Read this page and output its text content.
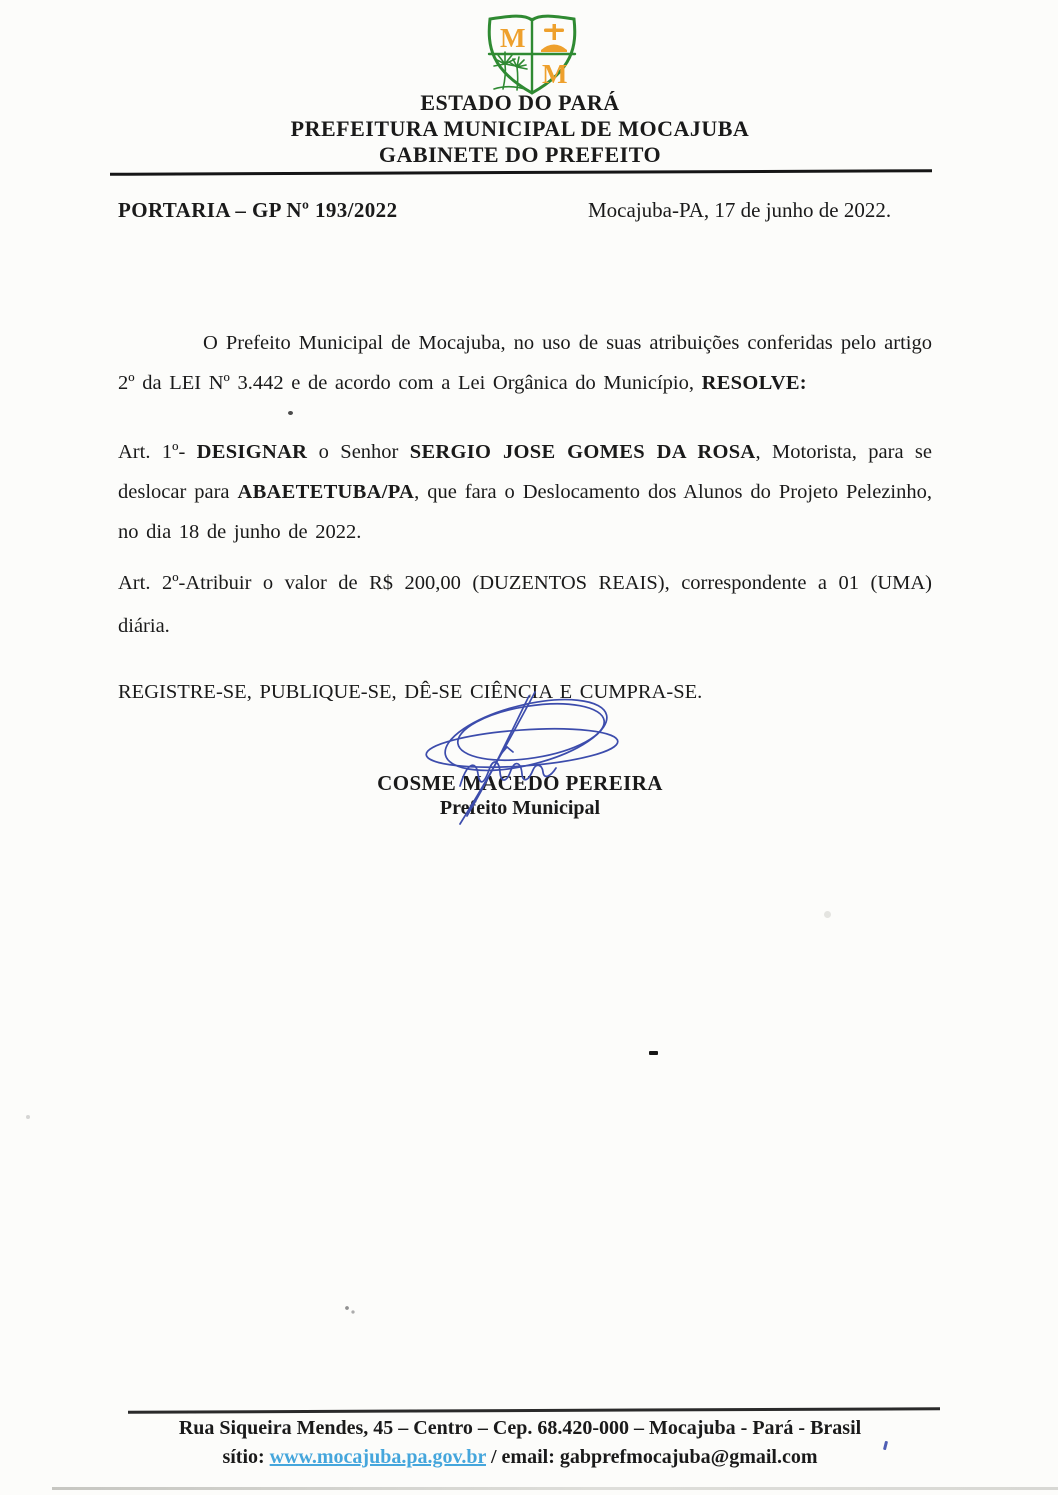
M
M
ESTADO DO PARÁ
PREFEITURA MUNICIPAL DE MOCAJUBA
GABINETE DO PREFEITO
PORTARIA – GP Nº 193/2022	Mocajuba-PA, 17 de junho de 2022.

O Prefeito Municipal de Mocajuba, no uso de suas atribuições conferidas pelo artigo 2º da LEI Nº 3.442 e de acordo com a Lei Orgânica do Município, RESOLVE:

Art. 1º- DESIGNAR o Senhor SERGIO JOSE GOMES DA ROSA, Motorista, para se deslocar para ABAETETUBA/PA, que fara o Deslocamento dos Alunos do Projeto Pelezinho, no dia 18 de junho de 2022.

Art. 2º-Atribuir o valor de R$ 200,00 (DUZENTOS REAIS), correspondente a 01 (UMA) diária.

REGISTRE-SE, PUBLIQUE-SE, DÊ-SE CIÊNCIA E CUMPRA-SE.

COSME MACEDO PEREIRA
Prefeito Municipal
Rua Siqueira Mendes, 45 – Centro – Cep. 68.420-000 – Mocajuba - Pará - Brasil
sítio: www.mocajuba.pa.gov.br / email: gabprefmocajuba@gmail.com
